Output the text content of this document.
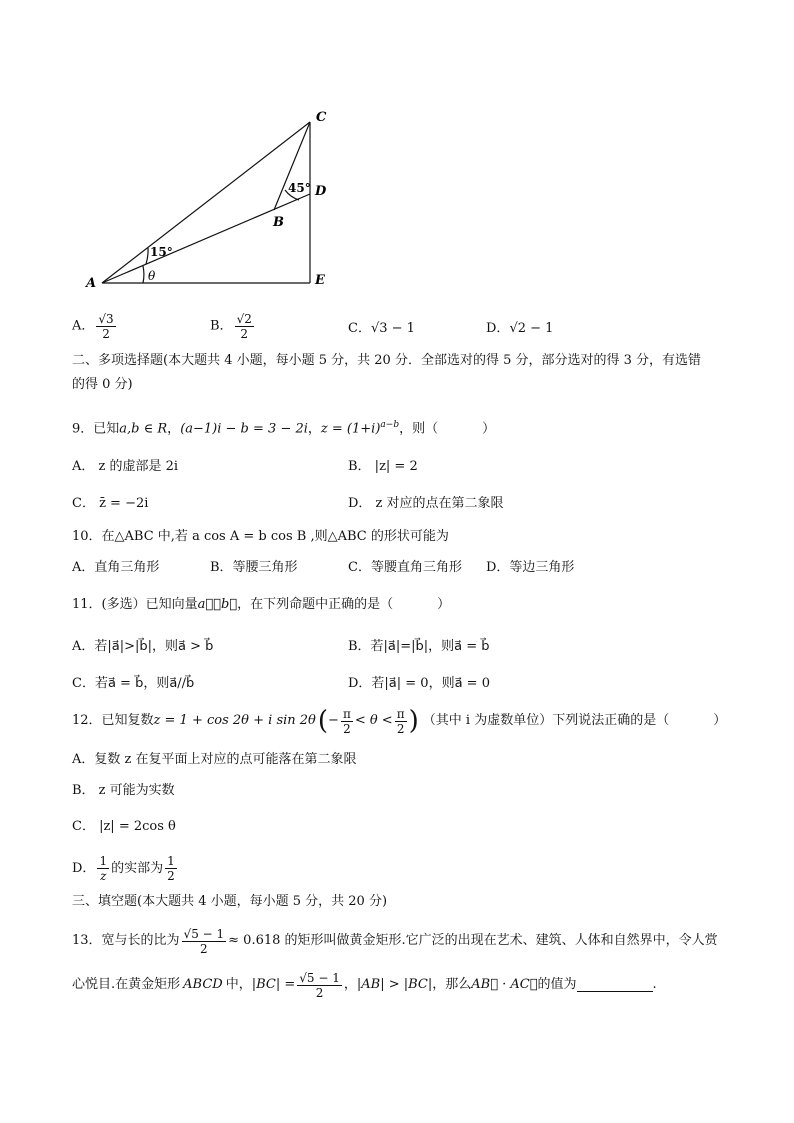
C
D
B
A	E
45°
15°
θ
A． $\frac{√3}{2}$	B． $\frac{√2}{2}$	C．√3 − 1	D．√2 − 1
二、多项选择题(本大题共 4 小题，每小题 5 分，共 20 分．全部选对的得 5 分，部分选对的得 3 分，有选错
的得 0 分)
9．已知a,b ∈ R，(a−1)i − b = 3 − 2i，$z = (1+i)^{a-b}$，则（	）
A． z 的虚部是 2i	B． |z| = 2
C． z̄ = −2i	D． z 对应的点在第二象限
10．在△ABC 中,若 a cos A = b cos B ,则△ABC 的形状可能为
A．直角三角形	B．等腰三角形	C．等腰直角三角形 D．等边三角形
11．(多选）已知向量a⃗，b⃗，在下列命题中正确的是（	）
A．若|a⃗|>|b⃗|，则a⃗ > b⃗	B．若|a⃗|=|b⃗|，则a⃗ = b⃗
C．若a⃗ = b⃗，则a⃗//b⃗	D．若|a⃗| = 0，则a⃗ = 0
12．已知复数 z = 1 + cos 2θ + i sin 2θ ( − $\frac{\pi}{2} < \theta < \frac{\pi}{2}$ ) （其中 i 为虚数单位）下列说法正确的是（	）
A．复数 z 在复平面上对应的点可能落在第二象限
B． z 可能为实数
C． |z| = 2cos θ
D． $\frac{1}{z}$ 的实部为 $\frac{1}{2}$
三、填空题(本大题共 4 小题，每小题 5 分，共 20 分)
13．宽与长的比为 $\frac{√5 - 1}{2} \approx 0.618$ 的矩形叫做黄金矩形.它广泛的出现在艺术、建筑、人体和自然界中，令人赏
心悦目.在黄金矩形 ABCD 中， $|BC| = \frac{√5 - 1}{2}$ ， |AB| > |BC| ，那么 AB⃗ · AC⃗ 的值为	.
